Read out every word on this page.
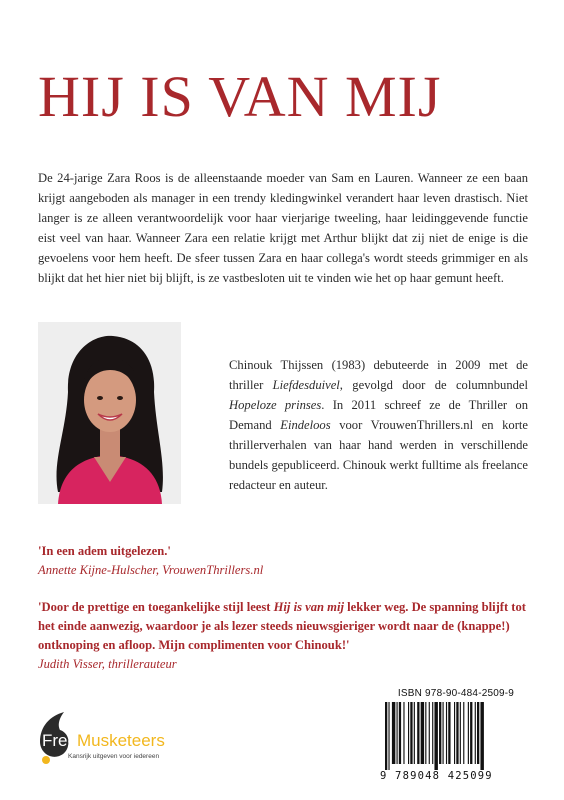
HIJ IS VAN MIJ

De 24-jarige Zara Roos is de alleenstaande moeder van Sam en Lauren. Wanneer ze een baan krijgt aangeboden als manager in een trendy kledingwinkel verandert haar leven drastisch. Niet langer is ze alleen verantwoordelijk voor haar vierjarige tweeling, haar leidinggevende functie eist veel van haar. Wanneer Zara een relatie krijgt met Arthur blijkt dat zij niet de enige is die gevoelens voor hem heeft. De sfeer tussen Zara en haar collega's wordt steeds grimmiger en als blijkt dat het hier niet bij blijft, is ze vastbesloten uit te vinden wie het op haar gemunt heeft.

Chinouk Thijssen (1983) debuteerde in 2009 met de thriller Liefdesduivel, gevolgd door de columnbundel Hopeloze prinses. In 2011 schreef ze de Thriller on Demand Eindeloos voor VrouwenThrillers.nl en korte thrillerverhalen van haar hand werden in verschillende bundels gepubliceerd. Chinouk werkt fulltime als freelance redacteur en auteur.

'In een adem uitgelezen.'

Annette Kijne-Hulscher, VrouwenThrillers.nl

'Door de prettige en toegankelijke stijl leest Hij is van mij lekker weg. De spanning blijft tot het einde aanwezig, waardoor je als lezer steeds nieuwsgieriger wordt naar de (knappe!) ontknoping en afloop. Mijn complimenten voor Chinouk!'

Judith Visser, thrillerauteur

FreeMusketeers
Kansrijk uitgeven voor iedereen
ISBN 978-90-484-2509-9
9 789048 425099
